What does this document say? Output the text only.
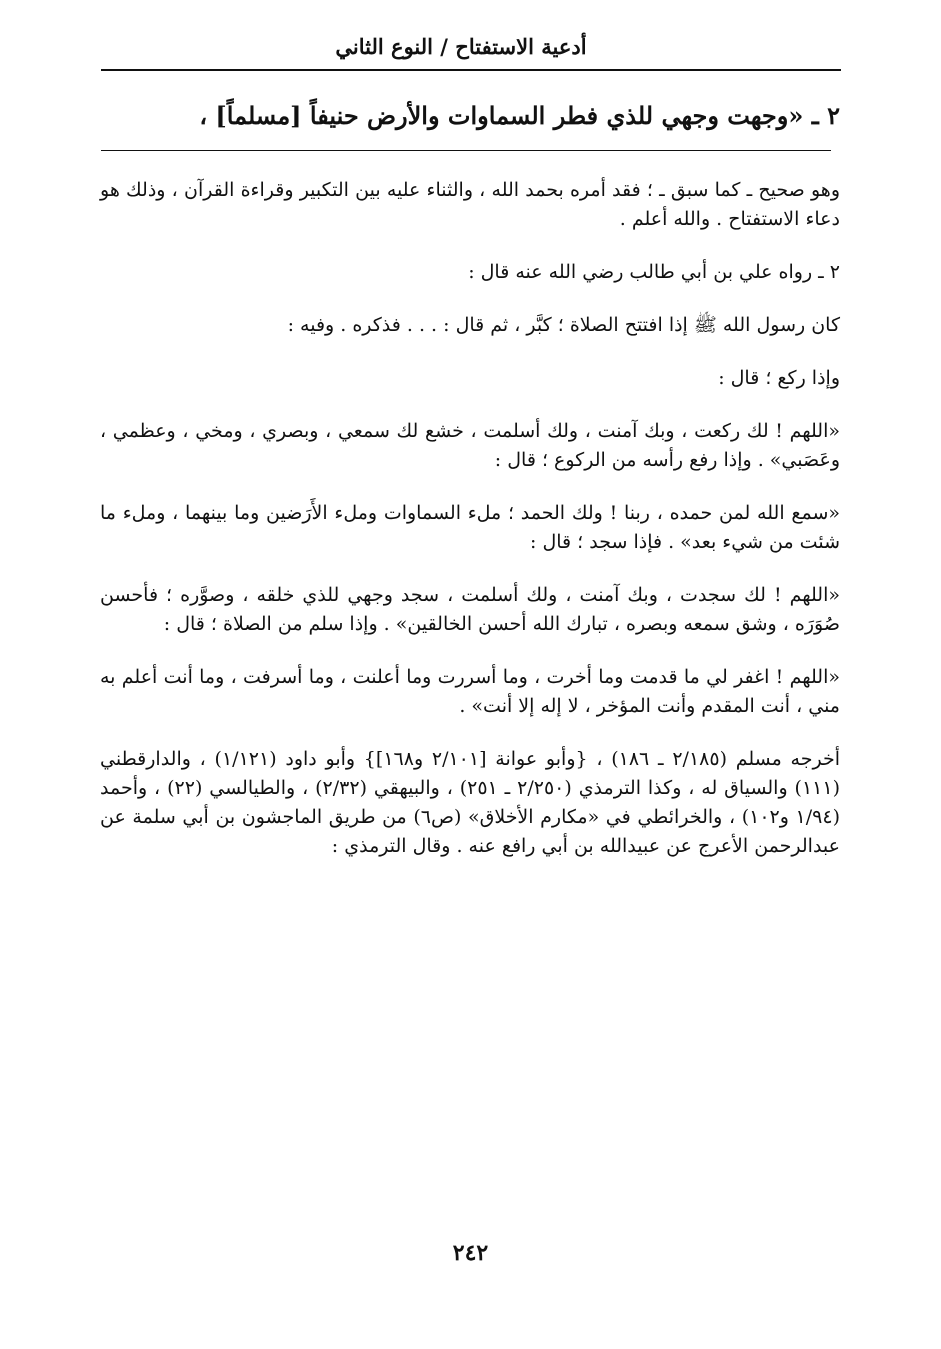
أدعية الاستفتاح / النوع الثاني
٢ ـ «وجهت وجهي للذي فطر السماوات والأرض حنيفاً [مسلماً] ،

وهو صحيح ـ كما سبق ـ ؛ فقد أمره بحمد الله ، والثناء عليه بين التكبير وقراءة القرآن ، وذلك هو دعاء الاستفتاح . والله أعلم .

٢ ـ رواه علي بن أبي طالب رضي الله عنه قال :

كان رسول الله ﷺ إذا افتتح الصلاة ؛ كبَّر ، ثم قال : . . . فذكره . وفيه :

وإذا ركع ؛ قال :

«اللهم ! لك ركعت ، وبك آمنت ، ولك أسلمت ، خشع لك سمعي ، وبصري ، ومخي ، وعظمي ، وعَصَبي» . وإذا رفع رأسه من الركوع ؛ قال :

«سمع الله لمن حمده ، ربنا ! ولك الحمد ؛ ملء السماوات وملء الأَرَضين وما بينهما ، وملء ما شئت من شيء بعد» . فإذا سجد ؛ قال :

«اللهم ! لك سجدت ، وبك آمنت ، ولك أسلمت ، سجد وجهي للذي خلقه ، وصوَّره ؛ فأحسن صُوَرَه ، وشق سمعه وبصره ، تبارك الله أحسن الخالقين» . وإذا سلم من الصلاة ؛ قال :

«اللهم ! اغفر لي ما قدمت وما أخرت ، وما أسررت وما أعلنت ، وما أسرفت ، وما أنت أعلم به مني ، أنت المقدم وأنت المؤخر ، لا إله إلا أنت» .

أخرجه مسلم (٢/١٨٥ ـ ١٨٦) ، {وأبو عوانة [٢/١٠١ و١٦٨]} وأبو داود (١/١٢١) ، والدارقطني (١١١) والسياق له ، وكذا الترمذي (٢/٢٥٠ ـ ٢٥١) ، والبيهقي (٢/٣٢) ، والطيالسي (٢٢) ، وأحمد (١/٩٤ و١٠٢) ، والخرائطي في «مكارم الأخلاق» (ص٦) من طريق الماجشون بن أبي سلمة عن عبدالرحمن الأعرج عن عبيدالله بن أبي رافع عنه . وقال الترمذي :

٢٤٢
